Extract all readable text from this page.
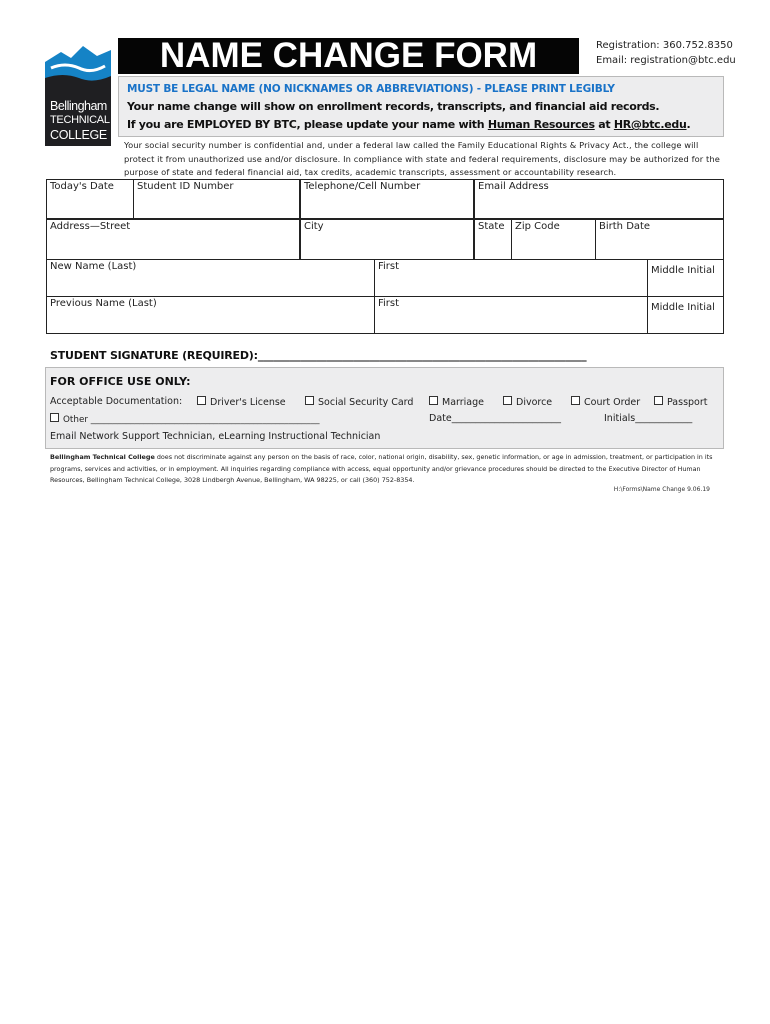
Bellingham
TECHNICAL
COLLEGE
NAME CHANGE FORM	Registration: 360.752.8350
Email: registration@btc.edu
MUST BE LEGAL NAME (NO NICKNAMES OR ABBREVIATIONS) - PLEASE PRINT LEGIBLY
Your name change will show on enrollment records, transcripts, and financial aid records.
If you are EMPLOYED BY BTC, please update your name with Human Resources at HR@btc.edu.
Your social security number is confidential and, under a federal law called the Family Educational Rights & Privacy Act., the college will protect it from unauthorized use and/or disclosure. In compliance with state and federal requirements, disclosure may be authorized for the purpose of state and federal financial aid, tax credits, academic transcripts, assessment or accountability research.
Today's Date	Student ID Number	Telephone/Cell Number	Email Address
Address—Street	City	State	Zip Code	Birth Date
New Name (Last)	First	Middle Initial
Previous Name (Last)	First	Middle Initial
STUDENT SIGNATURE (REQUIRED):______________________________________________________________
FOR OFFICE USE ONLY:
Acceptable Documentation:	Driver's License	Social Security Card	Marriage	Divorce	Court Order	Passport
Other ____________________________________________________	Date_______________________	Initials____________
Email Network Support Technician, eLearning Instructional Technician
Bellingham Technical College does not discriminate against any person on the basis of race, color, national origin, disability, sex, genetic information, or age in admission, treatment, or participation in its programs, services and activities, or in employment. All inquiries regarding compliance with access, equal opportunity and/or grievance procedures should be directed to the Executive Director of Human Resources, Bellingham Technical College, 3028 Lindbergh Avenue, Bellingham, WA 98225, or call (360) 752-8354.
H:\Forms\Name Change 9.06.19
